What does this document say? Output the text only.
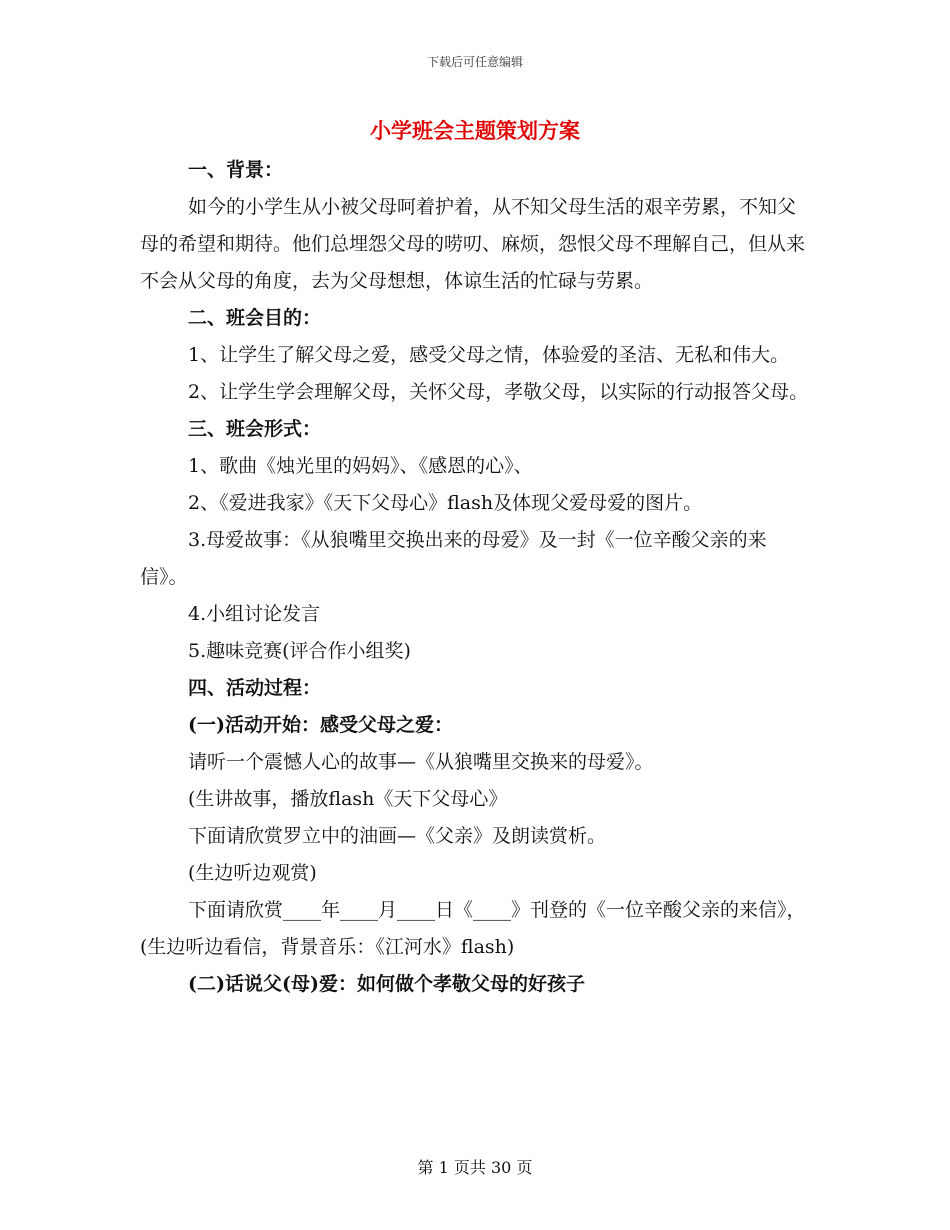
下载后可任意编辑
小学班会主题策划方案

一、背景：

如今的小学生从小被父母呵着护着，从不知父母生活的艰辛劳累，不知父母的希望和期待。他们总埋怨父母的唠叨、麻烦，怨恨父母不理解自己，但从来不会从父母的角度，去为父母想想，体谅生活的忙碌与劳累。

二、班会目的：

1、让学生了解父母之爱，感受父母之情，体验爱的圣洁、无私和伟大。

2、让学生学会理解父母，关怀父母，孝敬父母，以实际的行动报答父母。

三、班会形式：

1、歌曲《烛光里的妈妈》、《感恩的心》、

2、《爱进我家》《天下父母心》flash及体现父爱母爱的图片。

3.母爱故事：《从狼嘴里交换出来的母爱》及一封《一位辛酸父亲的来信》。

4.小组讨论发言

5.趣味竞赛(评合作小组奖)

四、活动过程：

(一)活动开始：感受父母之爱：

请听一个震憾人心的故事—《从狼嘴里交换来的母爱》。

(生讲故事，播放flash《天下父母心》

下面请欣赏罗立中的油画—《父亲》及朗读赏析。

(生边听边观赏)

下面请欣赏____年____月____日《____》刊登的《一位辛酸父亲的来信》，(生边听边看信，背景音乐：《江河水》flash)

(二)话说父(母)爱：如何做个孝敬父母的好孩子

第 1 页共 30 页
